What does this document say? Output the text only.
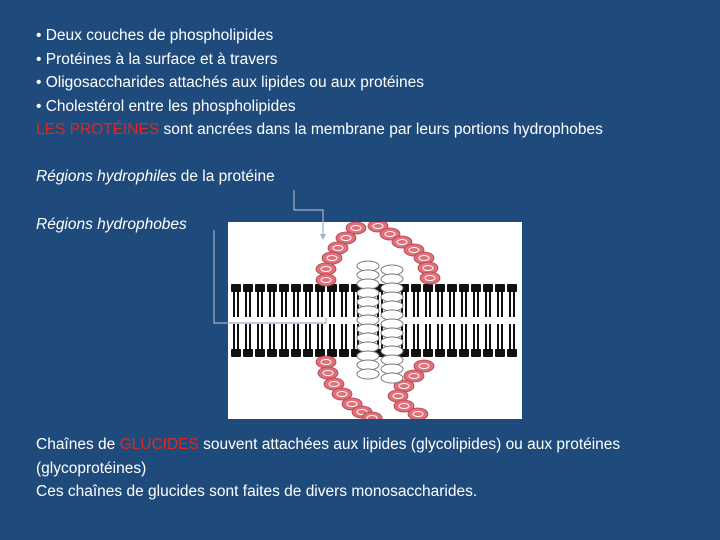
• Deux couches de phospholipides
• Protéines à la surface et à travers
• Oligosaccharides attachés aux lipides ou aux protéines
• Cholestérol entre les phospholipides
LES PROTÉINES sont ancrées dans la membrane par leurs portions hydrophobes
Régions hydrophiles de la protéine
Régions hydrophobes
Chaînes de GLUCIDES souvent attachées aux lipides (glycolipides) ou aux protéines (glycoprotéines)
Ces chaînes de glucides sont faites de divers monosaccharides.
